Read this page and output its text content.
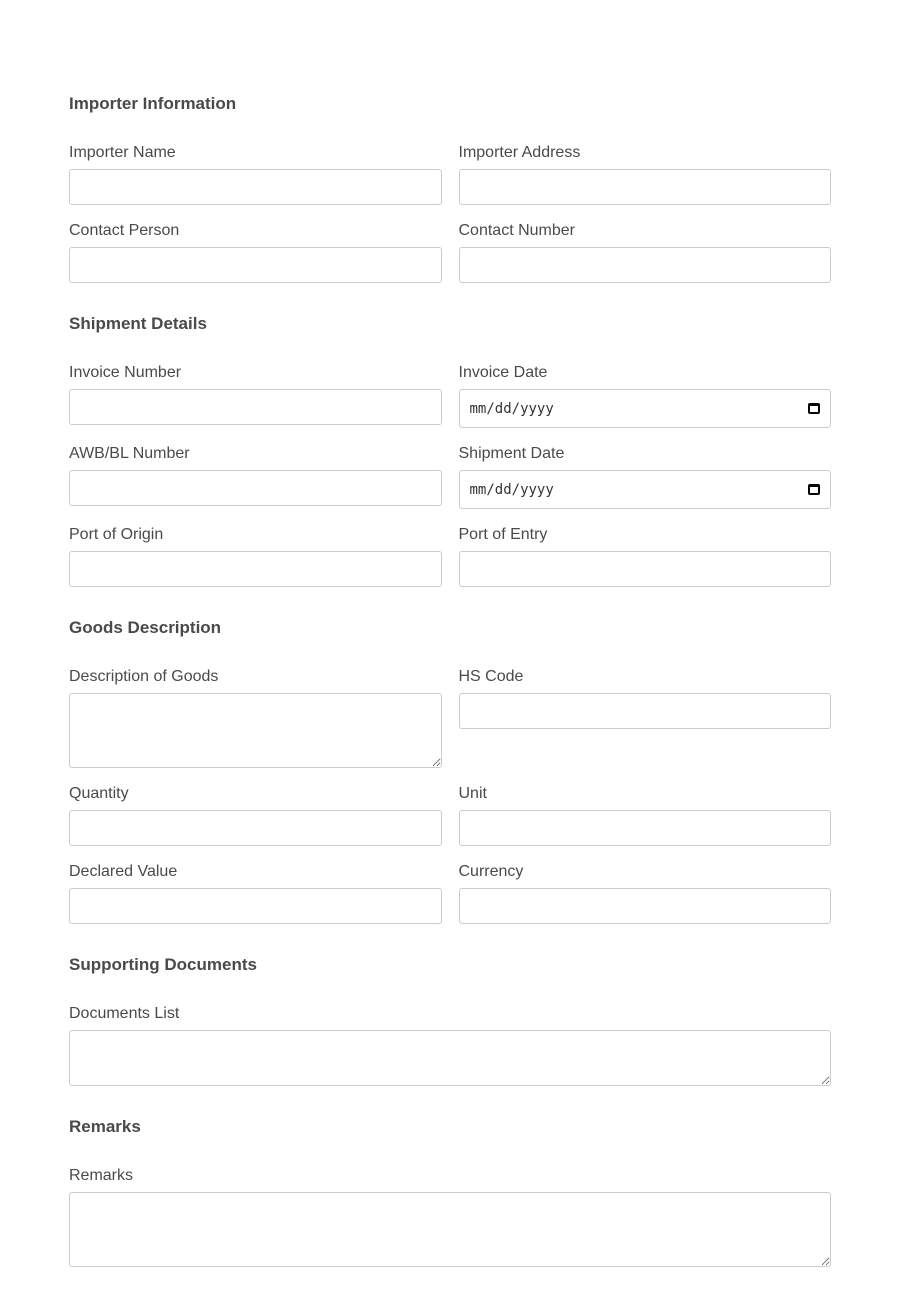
Importer Information
Importer Name	Importer Address
Contact Person	Contact Number
Shipment Details
Invoice Number	Invoice Date
mm/dd/yyyy
AWB/BL Number	Shipment Date
mm/dd/yyyy
Port of Origin	Port of Entry
Goods Description
Description of Goods	HS Code
Quantity	Unit
Declared Value	Currency
Supporting Documents
Documents List
Remarks
Remarks
